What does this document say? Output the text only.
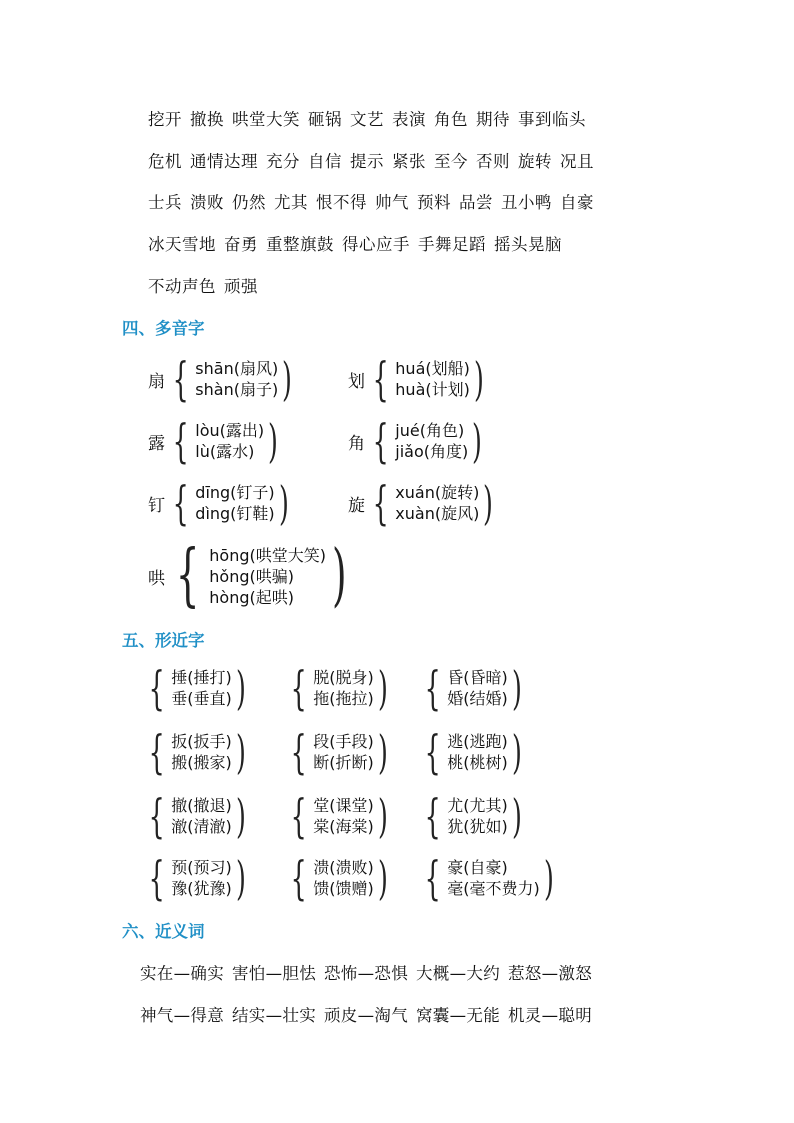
挖开 撤换 哄堂大笑 砸锅 文艺 表演 角色 期待 事到临头
危机 通情达理 充分 自信 提示 紧张 至今 否则 旋转 况且
士兵 溃败 仍然 尤其 恨不得 帅气 预料 品尝 丑小鸭 自豪
冰天雪地 奋勇 重整旗鼓 得心应手 手舞足蹈 摇头晃脑
不动声色 顽强
四、多音字
扇 { shān(扇风)
shàn(扇子) )	划 { huá(划船)
huà(计划) )
露 { lòu(露出)
lù(露水) )	角 { jué(角色)
jiǎo(角度) )
钉 { dīng(钉子)
dìng(钉鞋) )	旋 { xuán(旋转)
xuàn(旋风) )
哄 { hōng(哄堂大笑)
hǒng(哄骗)
hòng(起哄) )
五、形近字
{ 捶(捶打)
垂(垂直) ) { 脱(脱身)
拖(拖拉) ) { 昏(昏暗)
婚(结婚) )
{ 扳(扳手)
搬(搬家) ) { 段(手段)
断(折断) ) { 逃(逃跑)
桃(桃树) )
{ 撤(撤退)
澈(清澈) ) { 堂(课堂)
棠(海棠) ) { 尤(尤其)
犹(犹如) )
{ 预(预习)
豫(犹豫) ) { 溃(溃败)
馈(馈赠) ) { 豪(自豪)
毫(毫不费力) )
六、近义词
实在—确实 害怕—胆怯 恐怖—恐惧 大概—大约 惹怒—激怒
神气—得意 结实—壮实 顽皮—淘气 窝囊—无能 机灵—聪明
